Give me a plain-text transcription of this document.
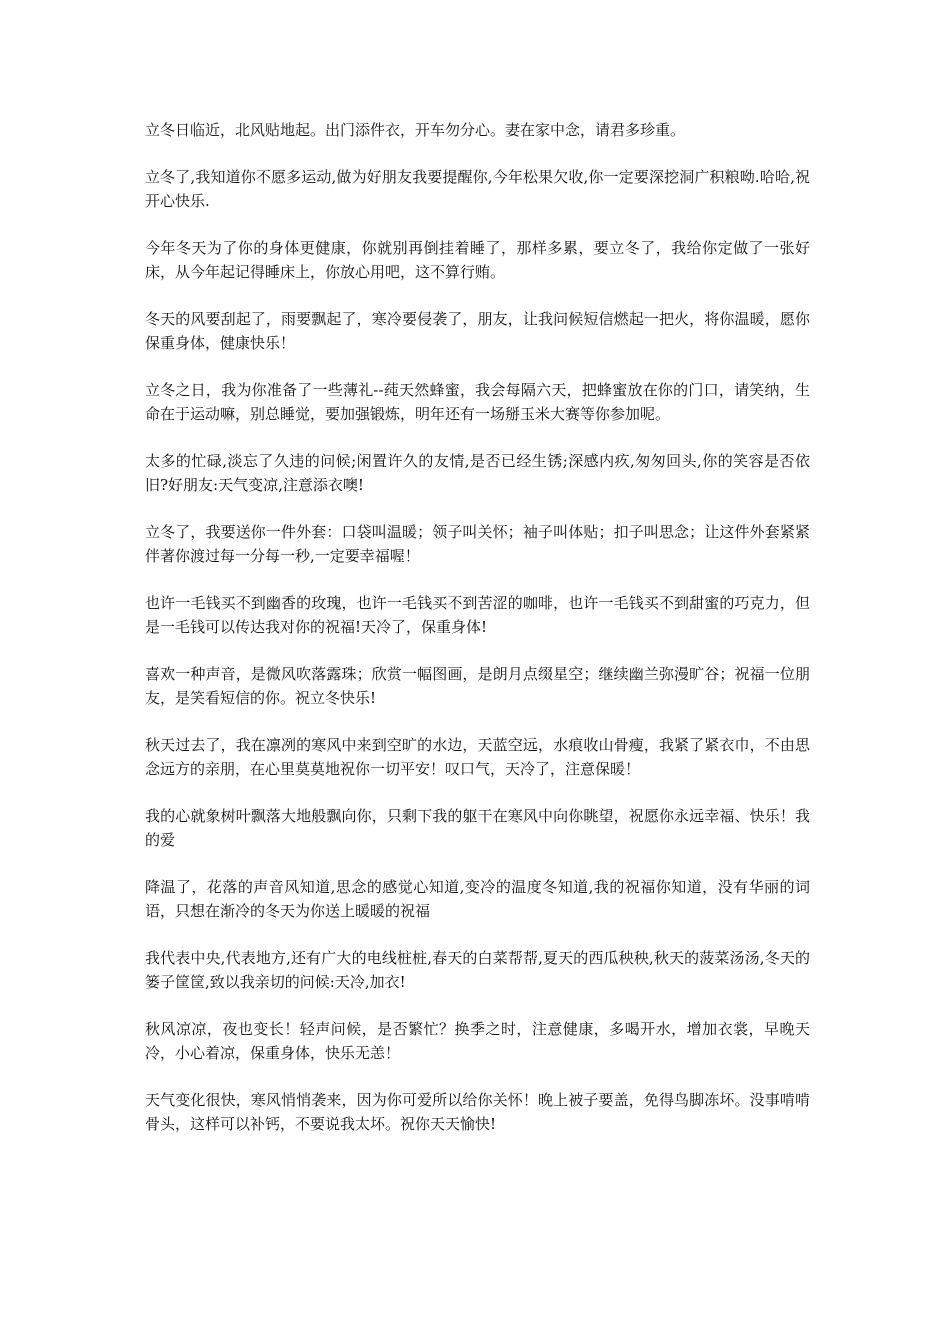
立冬日临近，北风贴地起。出门添件衣，开车勿分心。妻在家中念，请君多珍重。

立冬了,我知道你不愿多运动,做为好朋友我要提醒你,今年松果欠收,你一定要深挖洞广积粮呦.哈哈,祝开心快乐.

今年冬天为了你的身体更健康，你就别再倒挂着睡了，那样多累，要立冬了，我给你定做了一张好床，从今年起记得睡床上，你放心用吧，这不算行贿。

冬天的风要刮起了，雨要飘起了，寒冷要侵袭了，朋友，让我问候短信燃起一把火，将你温暖，愿你保重身体，健康快乐！

立冬之日，我为你准备了一些薄礼--莼天然蜂蜜，我会每隔六天，把蜂蜜放在你的门口，请笑纳，生命在于运动嘛，别总睡觉，要加强锻炼，明年还有一场掰玉米大赛等你参加呢。

太多的忙碌,淡忘了久违的问候;闲置许久的友情,是否已经生锈;深感内疚,匆匆回头,你的笑容是否依旧?好朋友:天气变凉,注意添衣噢!

立冬了，我要送你一件外套：口袋叫温暖；领子叫关怀；袖子叫体贴；扣子叫思念；让这件外套紧紧伴著你渡过每一分每一秒,一定要幸福喔！

也许一毛钱买不到幽香的玫瑰，也许一毛钱买不到苦涩的咖啡，也许一毛钱买不到甜蜜的巧克力，但是一毛钱可以传达我对你的祝福!天冷了，保重身体!

喜欢一种声音，是微风吹落露珠；欣赏一幅图画，是朗月点缀星空；继续幽兰弥漫旷谷；祝福一位朋友，是笑看短信的你。祝立冬快乐!

秋天过去了，我在凛冽的寒风中来到空旷的水边，天蓝空远，水痕收山骨瘦，我紧了紧衣巾，不由思念远方的亲朋，在心里莫莫地祝你一切平安！叹口气，天冷了，注意保暖！

我的心就象树叶飘落大地般飘向你，只剩下我的躯干在寒风中向你眺望，祝愿你永远幸福、快乐！我的爱

降温了，花落的声音风知道,思念的感觉心知道,变冷的温度冬知道,我的祝福你知道，没有华丽的词语，只想在渐冷的冬天为你送上暖暖的祝福

我代表中央,代表地方,还有广大的电线桩桩,春天的白菜帮帮,夏天的西瓜秧秧,秋天的菠菜汤汤,冬天的篓子筐筐,致以我亲切的问候:天冷,加衣!

秋风凉凉，夜也变长！轻声问候，是否繁忙？换季之时，注意健康，多喝开水，增加衣裳，早晚天冷，小心着凉，保重身体，快乐无恙！

天气变化很快，寒风悄悄袭来，因为你可爱所以给你关怀！晚上被子要盖，免得鸟脚冻坏。没事啃啃骨头，这样可以补钙，不要说我太坏。祝你天天愉快!
